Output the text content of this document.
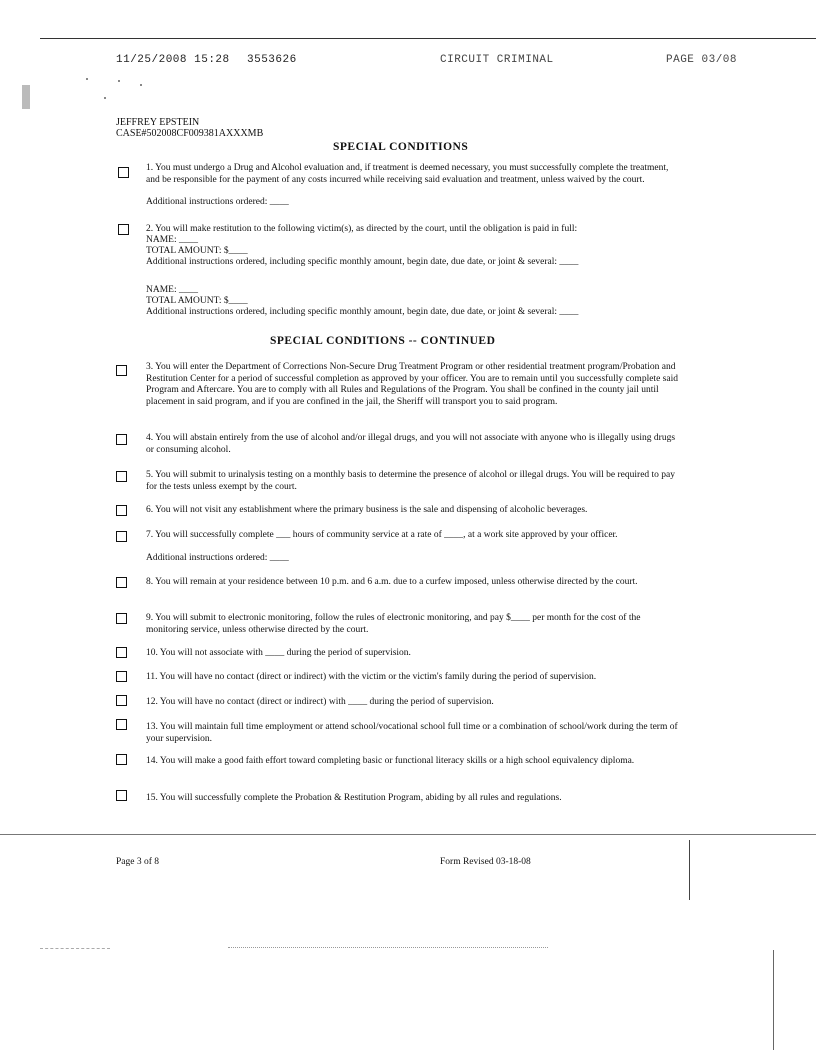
11/25/2008 15:28 3553626	CIRCUIT CRIMINAL	PAGE 03/08
JEFFREY EPSTEIN
CASE#502008CF009381AXXXMB
SPECIAL CONDITIONS
1. You must undergo a Drug and Alcohol evaluation and, if treatment is deemed necessary, you must successfully complete the treatment, and be responsible for the payment of any costs incurred while receiving said evaluation and treatment, unless waived by the court.
Additional instructions ordered: ____
2. You will make restitution to the following victim(s), as directed by the court, until the obligation is paid in full:
NAME: ____
TOTAL AMOUNT: $____
Additional instructions ordered, including specific monthly amount, begin date, due date, or joint & several: ____
NAME: ____
TOTAL AMOUNT: $____
Additional instructions ordered, including specific monthly amount, begin date, due date, or joint & several: ____
SPECIAL CONDITIONS -- CONTINUED
3. You will enter the Department of Corrections Non-Secure Drug Treatment Program or other residential treatment program/Probation and Restitution Center for a period of successful completion as approved by your officer. You are to remain until you successfully complete said Program and Aftercare. You are to comply with all Rules and Regulations of the Program. You shall be confined in the county jail until placement in said program, and if you are confined in the jail, the Sheriff will transport you to said program.
4. You will abstain entirely from the use of alcohol and/or illegal drugs, and you will not associate with anyone who is illegally using drugs or consuming alcohol.
5. You will submit to urinalysis testing on a monthly basis to determine the presence of alcohol or illegal drugs. You will be required to pay for the tests unless exempt by the court.
6. You will not visit any establishment where the primary business is the sale and dispensing of alcoholic beverages.
7. You will successfully complete ___ hours of community service at a rate of ____, at a work site approved by your officer.
Additional instructions ordered: ____
8. You will remain at your residence between 10 p.m. and 6 a.m. due to a curfew imposed, unless otherwise directed by the court.
9. You will submit to electronic monitoring, follow the rules of electronic monitoring, and pay $____ per month for the cost of the monitoring service, unless otherwise directed by the court.
10. You will not associate with ____ during the period of supervision.
11. You will have no contact (direct or indirect) with the victim or the victim's family during the period of supervision.
12. You will have no contact (direct or indirect) with ____ during the period of supervision.
13. You will maintain full time employment or attend school/vocational school full time or a combination of school/work during the term of your supervision.
14. You will make a good faith effort toward completing basic or functional literacy skills or a high school equivalency diploma.
15. You will successfully complete the Probation & Restitution Program, abiding by all rules and regulations.
Page 3 of 8	Form Revised 03-18-08
